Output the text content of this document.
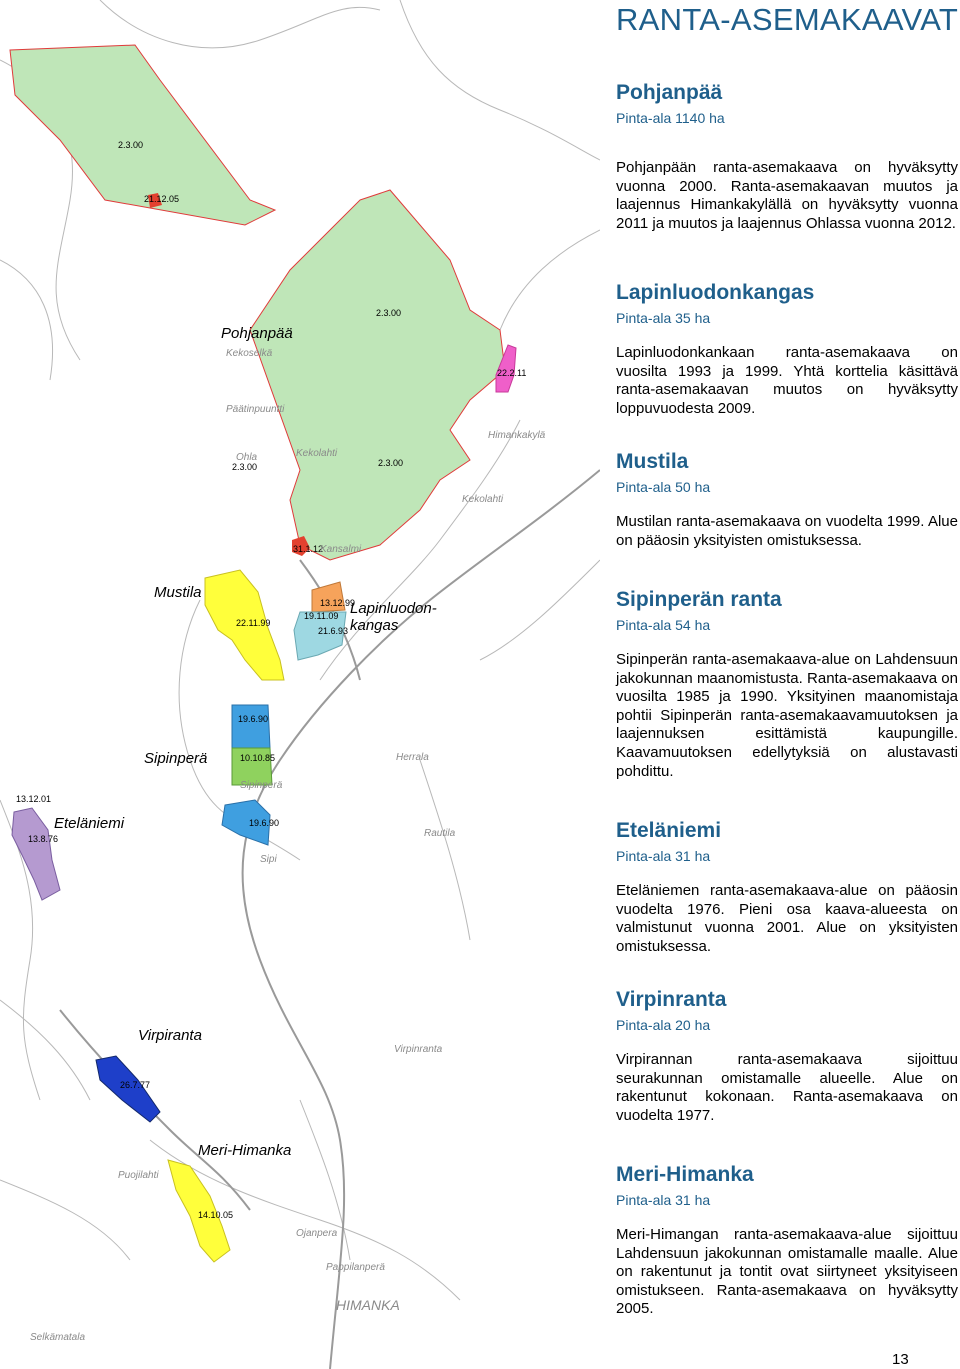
2.3.00
21.12.05
2.3.00
22.2.11
2.3.00	2.3.00
31.1.12
22.11.99
13.12.99
19.11.09
21.6.93
19.6.90
10.10.85
19.6.90
13.12.01
13.8.76
26.7.77
14.10.05
Ohla
Kekoselkä
Päätinpuuntti
Kekolahti
Himankakylä
Kekolahti
Kansalmi
Herrala
Sipinperä
Sipi
Rautila
Ojanpera
Puojilahti
Selkämatala
Pappilanperä
HIMANKA
Virpinranta
Pohjanpää
Mustila
Lapinluodon-
kangas
Sipinperä
Eteläniemi
Virpiranta
Meri-Himanka
RANTA-ASEMAKAAVAT
Pohjanpää
Pinta-ala 1140 ha

Pohjanpään ranta-asemakaava on hyväksytty vuonna 2000. Ranta-asemakaavan muutos ja laajennus Himankakylällä on hyväksytty vuonna 2011 ja muutos ja laajennus Ohlassa vuonna 2012.

Lapinluodonkangas
Pinta-ala 35 ha

Lapinluodonkankaan ranta-asemakaava on vuosilta 1993 ja 1999. Yhtä korttelia käsittävä ranta-asemakaavan muutos on hyväksytty loppuvuodesta 2009.

Mustila
Pinta-ala 50 ha

Mustilan ranta-asemakaava on vuodelta 1999. Alue on pääosin yksityisten omistuksessa.

Sipinperän ranta
Pinta-ala 54 ha

Sipinperän ranta-asemakaava-alue on Lahdensuun jakokunnan maanomistusta. Ranta-asemakaava on vuosilta 1985 ja 1990. Yksityinen maanomistaja pohtii Sipinperän ranta-asemakaavamuutoksen ja laajennuksen esittämistä kaupungille. Kaavamuutoksen edellytyksiä on alustavasti pohdittu.

Eteläniemi
Pinta-ala 31 ha

Eteläniemen ranta-asemakaava-alue on pääosin vuodelta 1976. Pieni osa kaava-alueesta on valmistunut vuonna 2001. Alue on yksityisten omistuksessa.

Virpinranta
Pinta-ala 20 ha

Virpirannan ranta-asemakaava sijoittuu seurakunnan omistamalle alueelle. Alue on rakentunut kokonaan. Ranta-asemakaava on vuodelta 1977.

Meri-Himanka
Pinta-ala 31 ha

Meri-Himangan ranta-asemakaava-alue sijoittuu Lahdensuun jakokunnan omistamalle maalle. Alue on rakentunut ja tontit ovat siirtyneet yksityiseen omistukseen. Ranta-asemakaava on hyväksytty 2005.

13
